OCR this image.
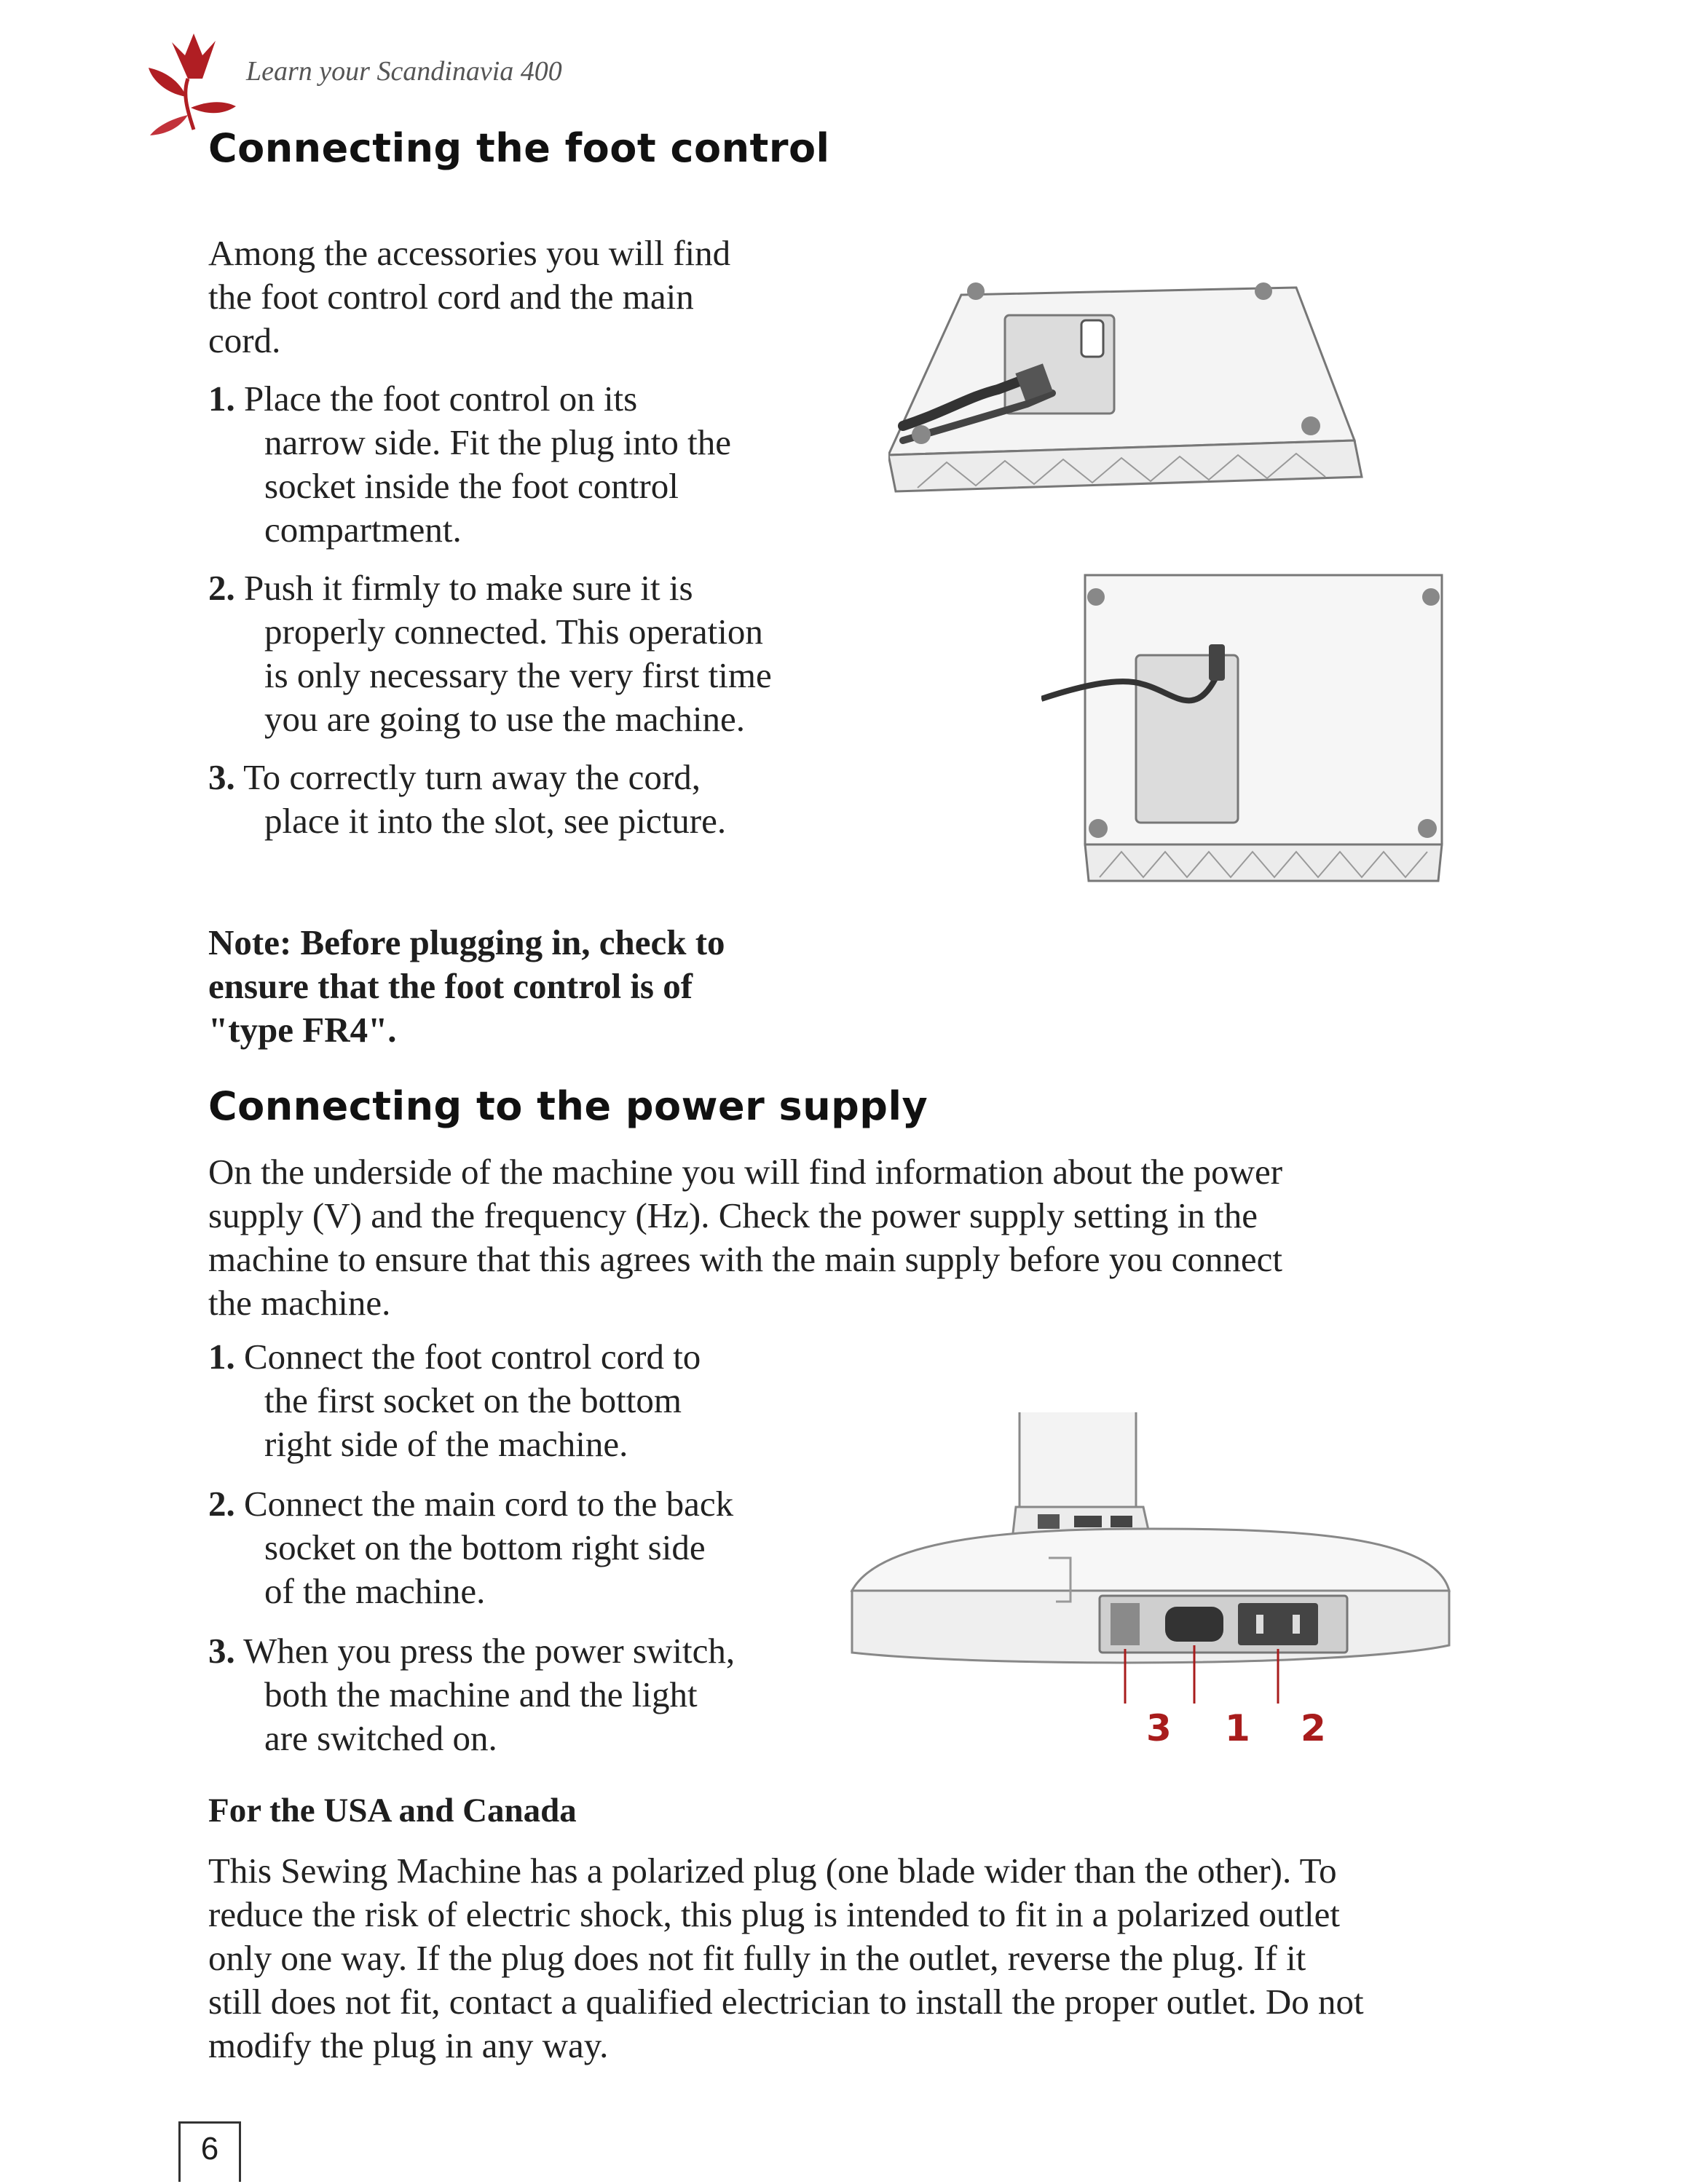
Learn your Scandinavia 400
Connecting the foot control
Among the accessories you will find
the foot control cord and the main
cord.
1. Place the foot control on its
narrow side. Fit the plug into the
socket inside the foot control
compartment.
2. Push it firmly to make sure it is
properly connected. This operation
is only necessary the very first time
you are going to use the machine.
3. To correctly turn away the cord,
place it into the slot, see picture.
Note: Before plugging in, check to
ensure that the foot control is of
"type FR4".
Connecting to the power supply
On the underside of the machine you will find information about the power
supply (V) and the frequency (Hz). Check the power supply setting in the
machine to ensure that this agrees with the main supply before you connect
the machine.
1. Connect the foot control cord to
the first socket on the bottom
right side of the machine.
2. Connect the main cord to the back
socket on the bottom right side
of the machine.
3. When you press the power switch,
both the machine and the light
are switched on.	3 1 2
For the USA and Canada
This Sewing Machine has a polarized plug (one blade wider than the other). To
reduce the risk of electric shock, this plug is intended to fit in a polarized outlet
only one way. If the plug does not fit fully in the outlet, reverse the plug. If it
still does not fit, contact a qualified electrician to install the proper outlet. Do not
modify the plug in any way.
6
